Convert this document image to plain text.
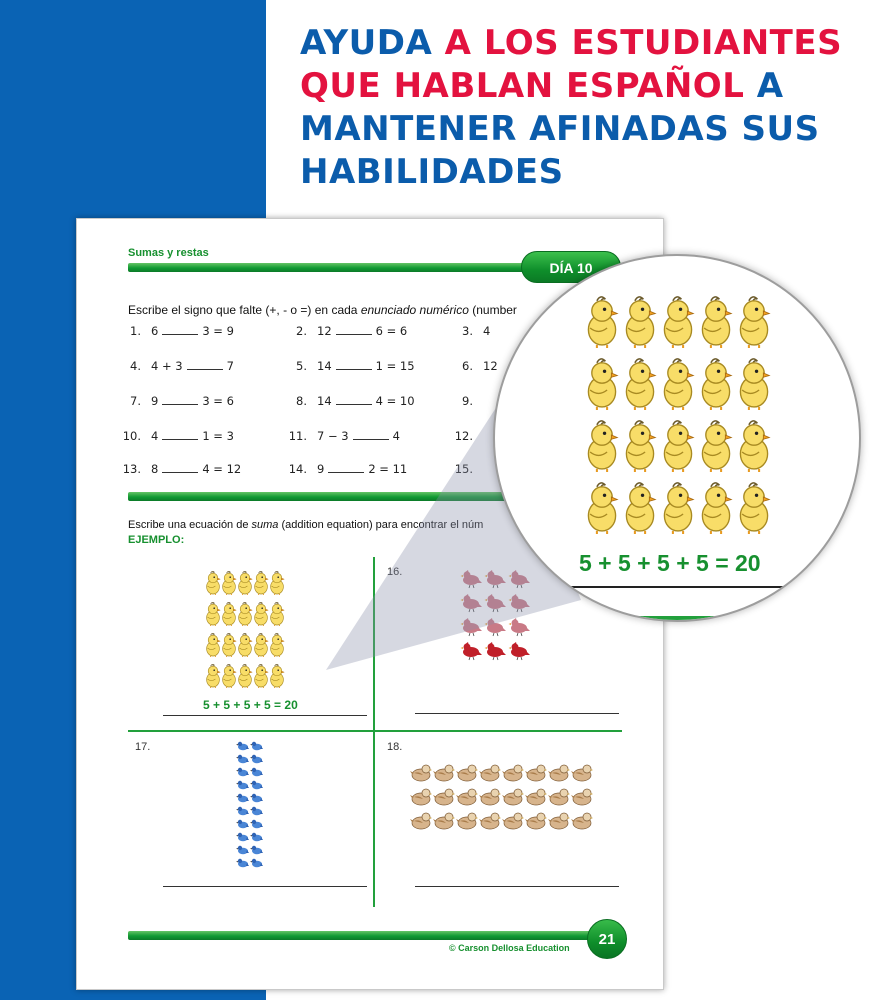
AYUDA A LOS ESTUDIANTES
QUE HABLAN ESPAÑOL A
MANTENER AFINADAS SUS
HABILIDADES
Sumas y restas
DÍA 10
Escribe el signo que falte (+, - o =) en cada enunciado numérico (number
1. 6	3 = 9	2. 12	6 = 6	3. 4
4. 4 + 3	7	5. 14	1 = 15	6. 12
7. 9	3 = 6	8. 14	4 = 10	9.
10. 4	1 = 3	11. 7 − 3	4	12.
13. 8	4 = 12	14. 9	2 = 11	15.
Escribe una ecuación de suma (addition equation) para encontrar el núm
EJEMPLO:
5 + 5 + 5 + 5 = 20
16.
17.	18.
© Carson Dellosa Education	21
5 + 5 + 5 + 5 = 20
